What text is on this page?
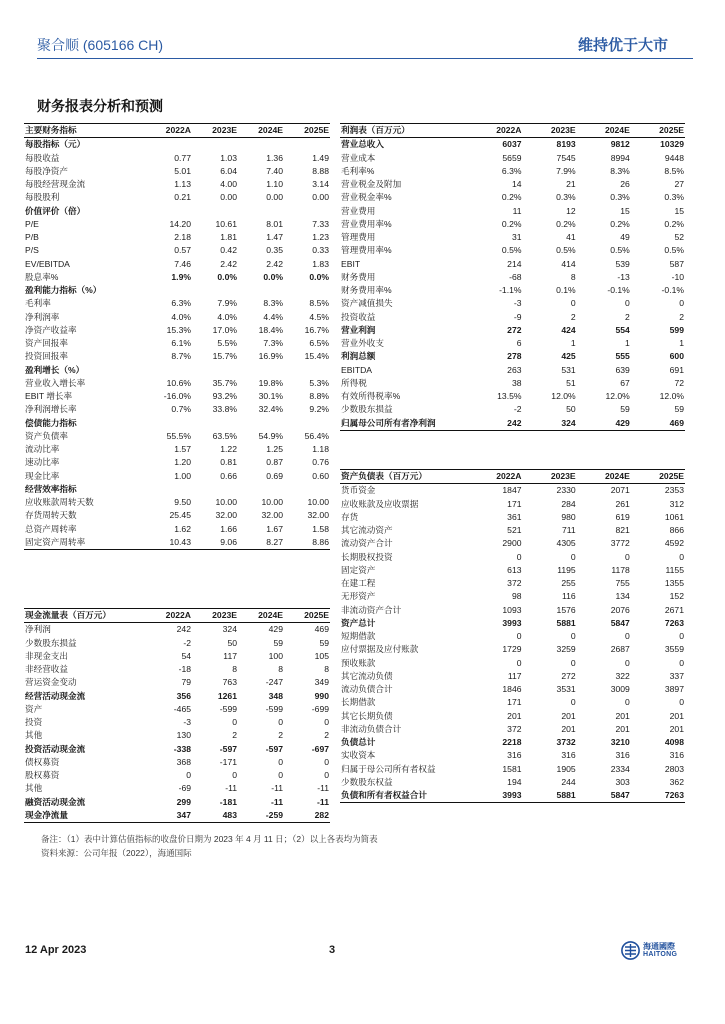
聚合顺 (605166 CH)	维持优于大市
财务报表分析和预测
主要财务指标	2022A	2023E	2024E	2025E
每股指标（元）				
每股收益	0.77	1.03	1.36	1.49
每股净资产	5.01	6.04	7.40	8.88
每股经营现金流	1.13	4.00	1.10	3.14
每股股利	0.21	0.00	0.00	0.00
价值评价（倍）				
P/E	14.20	10.61	8.01	7.33
P/B	2.18	1.81	1.47	1.23
P/S	0.57	0.42	0.35	0.33
EV/EBITDA	7.46	2.42	2.42	1.83
股息率%	1.9%	0.0%	0.0%	0.0%
盈利能力指标（%）				
毛利率	6.3%	7.9%	8.3%	8.5%
净利润率	4.0%	4.0%	4.4%	4.5%
净资产收益率	15.3%	17.0%	18.4%	16.7%
资产回报率	6.1%	5.5%	7.3%	6.5%
投资回报率	8.7%	15.7%	16.9%	15.4%
盈利增长（%）				
营业收入增长率	10.6%	35.7%	19.8%	5.3%
EBIT 增长率	-16.0%	93.2%	30.1%	8.8%
净利润增长率	0.7%	33.8%	32.4%	9.2%
偿债能力指标				
资产负债率	55.5%	63.5%	54.9%	56.4%
流动比率	1.57	1.22	1.25	1.18
速动比率	1.20	0.81	0.87	0.76
现金比率	1.00	0.66	0.69	0.60
经营效率指标				
应收账款周转天数	9.50	10.00	10.00	10.00
存货周转天数	25.45	32.00	32.00	32.00
总资产周转率	1.62	1.66	1.67	1.58
固定资产周转率	10.43	9.06	8.27	8.86
利润表（百万元）	2022A	2023E	2024E	2025E
营业总收入	6037	8193	9812	10329
营业成本	5659	7545	8994	9448
毛利率%	6.3%	7.9%	8.3%	8.5%
营业税金及附加	14	21	26	27
营业税金率%	0.2%	0.3%	0.3%	0.3%
营业费用	11	12	15	15
营业费用率%	0.2%	0.2%	0.2%	0.2%
管理费用	31	41	49	52
管理费用率%	0.5%	0.5%	0.5%	0.5%
EBIT	214	414	539	587
财务费用	-68	8	-13	-10
财务费用率%	-1.1%	0.1%	-0.1%	-0.1%
资产减值损失	-3	0	0	0
投资收益	-9	2	2	2
营业利润	272	424	554	599
营业外收支	6	1	1	1
利润总额	278	425	555	600
EBITDA	263	531	639	691
所得税	38	51	67	72
有效所得税率%	13.5%	12.0%	12.0%	12.0%
少数股东损益	-2	50	59	59
归属母公司所有者净利润	242	324	429	469
资产负债表（百万元）	2022A	2023E	2024E	2025E
货币资金	1847	2330	2071	2353
应收账款及应收票据	171	284	261	312
存货	361	980	619	1061
其它流动资产	521	711	821	866
流动资产合计	2900	4305	3772	4592
长期股权投资	0	0	0	0
固定资产	613	1195	1178	1155
在建工程	372	255	755	1355
无形资产	98	116	134	152
非流动资产合计	1093	1576	2076	2671
资产总计	3993	5881	5847	7263
短期借款	0	0	0	0
应付票据及应付账款	1729	3259	2687	3559
预收账款	0	0	0	0
其它流动负债	117	272	322	337
流动负债合计	1846	3531	3009	3897
长期借款	171	0	0	0
其它长期负债	201	201	201	201
非流动负债合计	372	201	201	201
负债总计	2218	3732	3210	4098
实收资本	316	316	316	316
归属于母公司所有者权益	1581	1905	2334	2803
少数股东权益	194	244	303	362
负债和所有者权益合计	3993	5881	5847	7263
现金流量表（百万元）	2022A	2023E	2024E	2025E
净利润	242	324	429	469
少数股东损益	-2	50	59	59
非现金支出	54	117	100	105
非经营收益	-18	8	8	8
营运资金变动	79	763	-247	349
经营活动现金流	356	1261	348	990
资产	-465	-599	-599	-699
投资	-3	0	0	0
其他	130	2	2	2
投资活动现金流	-338	-597	-597	-697
债权募资	368	-171	0	0
股权募资	0	0	0	0
其他	-69	-11	-11	-11
融资活动现金流	299	-181	-11	-11
现金净流量	347	483	-259	282
备注：（1）表中计算估值指标的收盘价日期为 2023 年 4 月 11 日；（2）以上各表均为简表
资料来源：公司年报（2022），海通国际
12 Apr 2023	3	海通國際
HAITONG
